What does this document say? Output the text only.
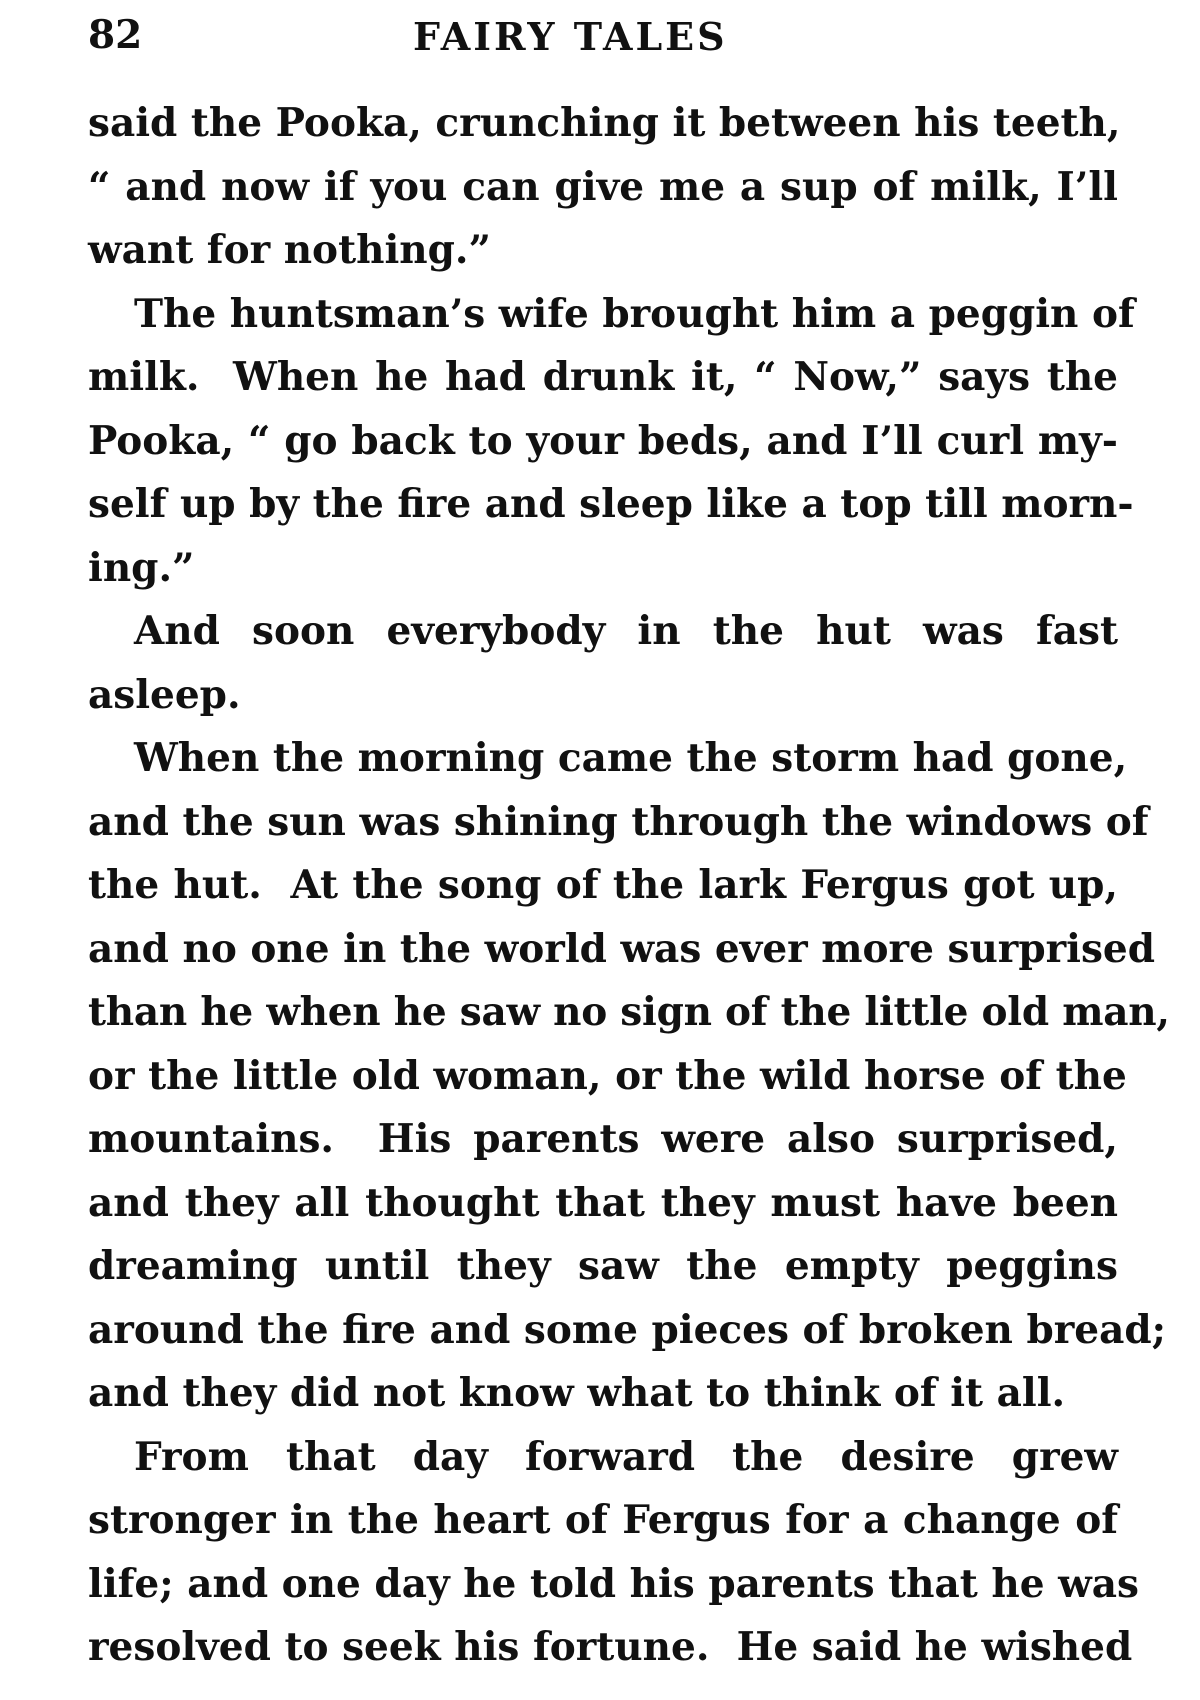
82	FAIRY TALES
said the Pooka, crunching it between his teeth,
“ and now if you can give me a sup of milk, I’ll
want for nothing.”
The huntsman’s wife brought him a peggin of
milk.  When he had drunk it, “ Now,” says the
Pooka, “ go back to your beds, and I’ll curl my-
self up by the fire and sleep like a top till morn-
ing.”
And soon everybody in the hut was fast
asleep.
When the morning came the storm had gone,
and the sun was shining through the windows of
the hut.  At the song of the lark Fergus got up,
and no one in the world was ever more surprised
than he when he saw no sign of the little old man,
or the little old woman, or the wild horse of the
mountains.  His parents were also surprised,
and they all thought that they must have been
dreaming until they saw the empty peggins
around the fire and some pieces of broken bread;
and they did not know what to think of it all.
From that day forward the desire grew
stronger in the heart of Fergus for a change of
life; and one day he told his parents that he was
resolved to seek his fortune.  He said he wished
